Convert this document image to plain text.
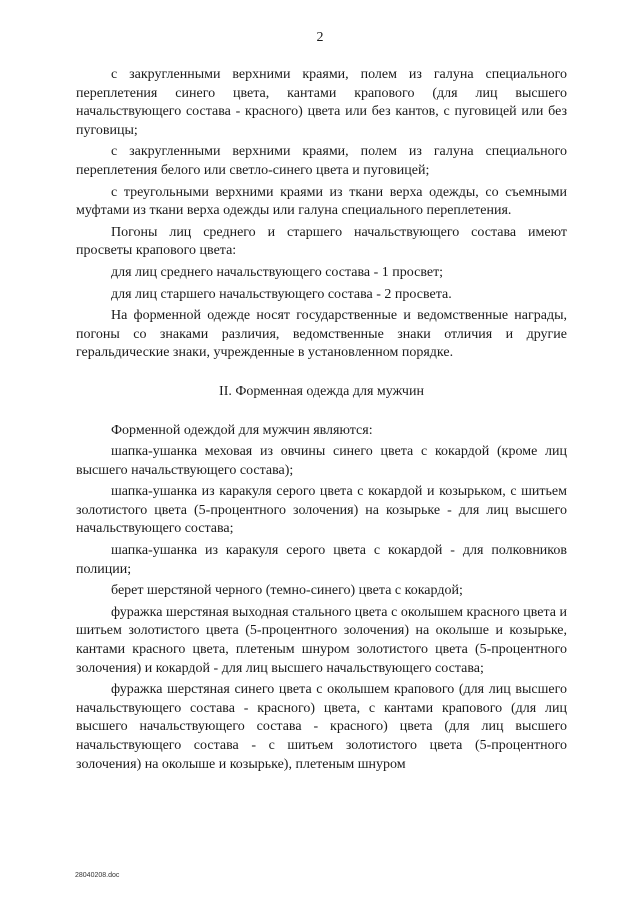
2

с закругленными верхними краями, полем из галуна специального переплетения синего цвета, кантами крапового (для лиц высшего начальствующего состава - красного) цвета или без кантов, с пуговицей или без пуговицы;

с закругленными верхними краями, полем из галуна специального переплетения белого или светло-синего цвета и пуговицей;

с треугольными верхними краями из ткани верха одежды, со съемными муфтами из ткани верха одежды или галуна специального переплетения.

Погоны лиц среднего и старшего начальствующего состава имеют просветы крапового цвета:

для лиц среднего начальствующего состава - 1 просвет;

для лиц старшего начальствующего состава - 2 просвета.

На форменной одежде носят государственные и ведомственные награды, погоны со знаками различия, ведомственные знаки отличия и другие геральдические знаки, учрежденные в установленном порядке.

II. Форменная одежда для мужчин

Форменной одеждой для мужчин являются:

шапка-ушанка меховая из овчины синего цвета с кокардой (кроме лиц высшего начальствующего состава);

шапка-ушанка из каракуля серого цвета с кокардой и козырьком, с шитьем золотистого цвета (5-процентного золочения) на козырьке - для лиц высшего начальствующего состава;

шапка-ушанка из каракуля серого цвета с кокардой - для полковников полиции;

берет шерстяной черного (темно-синего) цвета с кокардой;

фуражка шерстяная выходная стального цвета с околышем красного цвета и шитьем золотистого цвета (5-процентного золочения) на околыше и козырьке, кантами красного цвета, плетеным шнуром золотистого цвета (5-процентного золочения) и кокардой - для лиц высшего начальствующего состава;

фуражка шерстяная синего цвета с околышем крапового (для лиц высшего начальствующего состава - красного) цвета, с кантами крапового (для лиц высшего начальствующего состава - красного) цвета (для лиц высшего начальствующего состава - с шитьем золотистого цвета (5-процентного золочения) на околыше и козырьке), плетеным шнуром

28040208.doc
